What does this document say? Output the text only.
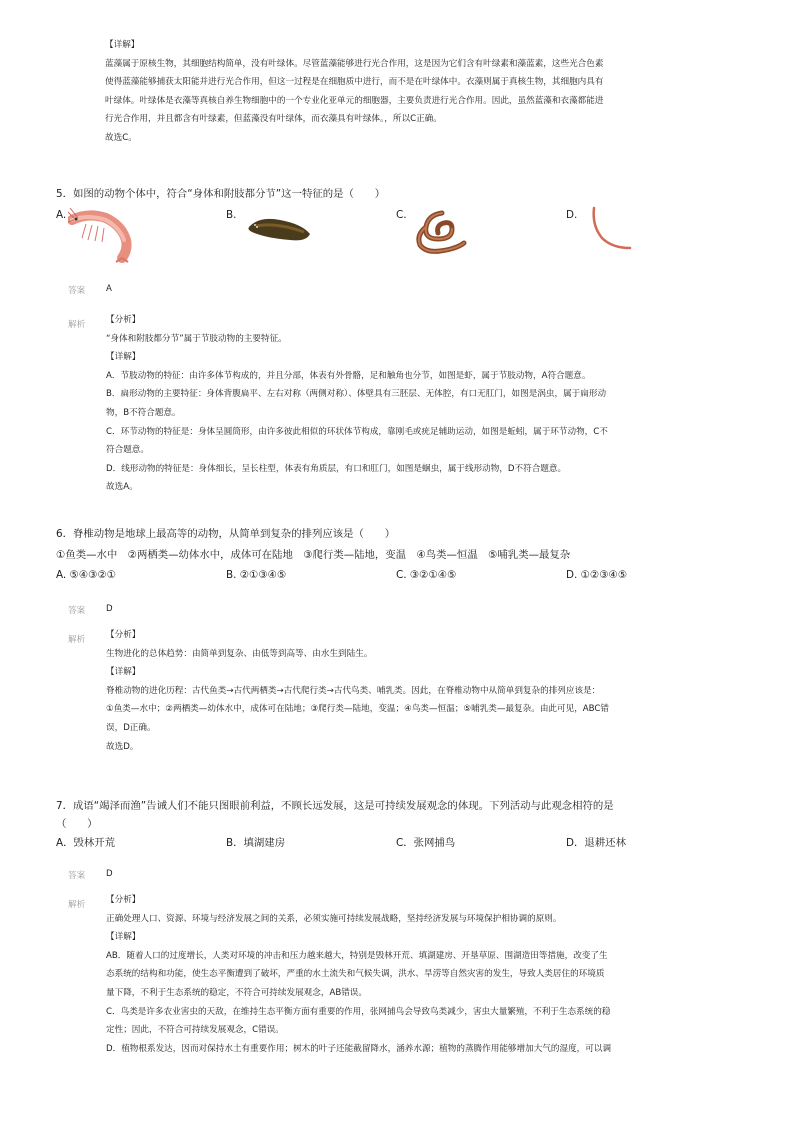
【详解】
蓝藻属于原核生物，其细胞结构简单，没有叶绿体。尽管蓝藻能够进行光合作用，这是因为它们含有叶绿素和藻蓝素，这些光合色素
使得蓝藻能够捕获太阳能并进行光合作用，但这一过程是在细胞质中进行，而不是在叶绿体中。衣藻则属于真核生物，其细胞内具有
叶绿体。叶绿体是衣藻等真核自养生物细胞中的一个专业化亚单元的细胞器，主要负责进行光合作用。因此，虽然蓝藻和衣藻都能进
行光合作用，并且都含有叶绿素，但蓝藻没有叶绿体，而衣藻具有叶绿体。，所以C正确。
故选C。
5．如图的动物个体中，符合“身体和附肢都分节”这一特征的是（　　）
A.	B.	C.	D.
答案 A
解析 【分析】
“身体和附肢都分节”属于节肢动物的主要特征。
【详解】
A．节肢动物的特征：由许多体节构成的，并且分部，体表有外骨骼，足和触角也分节，如图是虾，属于节肢动物，A符合题意。
B．扁形动物的主要特征：身体背腹扁平、左右对称（两侧对称）、体壁具有三胚层、无体腔，有口无肛门，如图是涡虫，属于扁形动
物，B不符合题意。
C．环节动物的特征是：身体呈圆筒形，由许多彼此相似的环状体节构成，靠刚毛或疣足辅助运动，如图是蚯蚓，属于环节动物，C不
符合题意。
D．线形动物的特征是：身体细长，呈长柱型，体表有角质层，有口和肛门，如图是蛔虫，属于线形动物，D不符合题意。
故选A。
6．脊椎动物是地球上最高等的动物，从简单到复杂的排列应该是（　　）
①鱼类—水中　②两栖类—幼体水中，成体可在陆地　③爬行类—陆地，变温　④鸟类—恒温　⑤哺乳类—最复杂
A. ⑤④③②①	B. ②①③④⑤	C. ③②①④⑤	D. ①②③④⑤
答案 D
解析 【分析】
生物进化的总体趋势：由简单到复杂、由低等到高等、由水生到陆生。
【详解】
脊椎动物的进化历程：古代鱼类→古代两栖类→古代爬行类→古代鸟类、哺乳类。因此，在脊椎动物中从简单到复杂的排列应该是：
①鱼类—水中；②两栖类—幼体水中，成体可在陆地；③爬行类—陆地，变温；④鸟类—恒温；⑤哺乳类—最复杂。由此可见，ABC错
误，D正确。
故选D。
7．成语“竭泽而渔”告诫人们不能只图眼前利益，不顾长远发展，这是可持续发展观念的体现。下列活动与此观念相符的是
（　　）
A．毁林开荒	B．填湖建房	C．张网捕鸟	D．退耕还林
答案 D
解析 【分析】
正确处理人口、资源、环境与经济发展之间的关系，必须实施可持续发展战略，坚持经济发展与环境保护相协调的原则。
【详解】
AB．随着人口的过度增长，人类对环境的冲击和压力越来越大，特别是毁林开荒、填湖建房、开垦草原、围湖造田等措施，改变了生
态系统的结构和功能，使生态平衡遭到了破坏，严重的水土流失和气候失调，洪水、旱涝等自然灾害的发生，导致人类居住的环境质
量下降，不利于生态系统的稳定，不符合可持续发展观念，AB错误。
C．鸟类是许多农业害虫的天敌，在维持生态平衡方面有重要的作用，张网捕鸟会导致鸟类减少，害虫大量繁殖，不利于生态系统的稳
定性；因此，不符合可持续发展观念，C错误。
D．植物根系发达，因而对保持水土有重要作用；树木的叶子还能截留降水，涵养水源；植物的蒸腾作用能够增加大气的湿度，可以调
